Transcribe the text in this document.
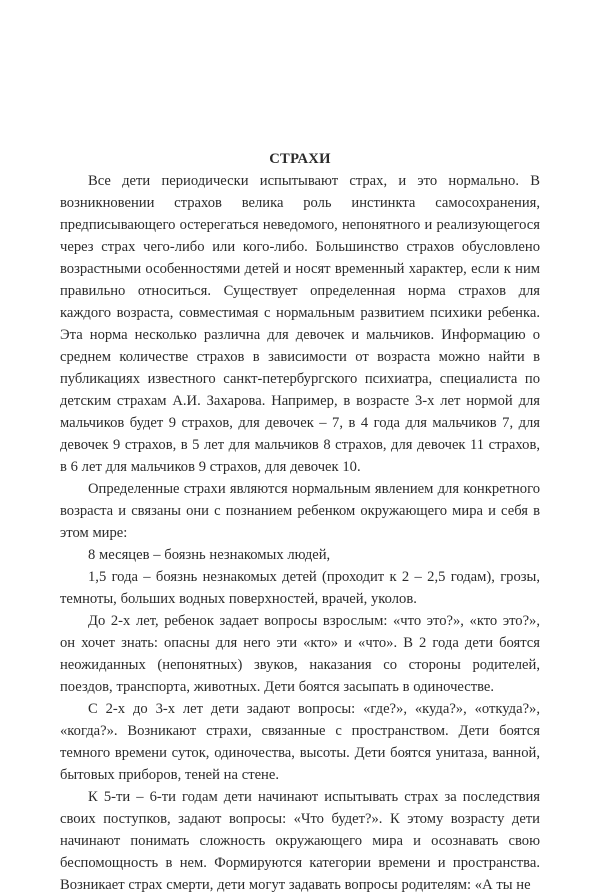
СТРАХИ

Все дети периодически испытывают страх, и это нормально. В возникновении страхов велика роль инстинкта самосохранения, предписывающего остерегаться неведомого, непонятного и реализующегося через страх чего-либо или кого-либо. Большинство страхов обусловлено возрастными особенностями детей и носят временный характер, если к ним правильно относиться. Существует определенная норма страхов для каждого возраста, совместимая с нормальным развитием психики ребенка. Эта норма несколько различна для девочек и мальчиков. Информацию о среднем количестве страхов в зависимости от возраста можно найти в публикациях известного санкт-петербургского психиатра, специалиста по детским страхам А.И. Захарова. Например, в возрасте 3-х лет нормой для мальчиков будет 9 страхов, для девочек – 7, в 4 года для мальчиков 7, для девочек 9 страхов, в 5 лет для мальчиков 8 страхов, для девочек 11 страхов, в 6 лет для мальчиков 9 страхов, для девочек 10.

Определенные страхи являются нормальным явлением для конкретного возраста и связаны они с познанием ребенком окружающего мира и себя в этом мире:

8 месяцев – боязнь незнакомых людей,

1,5 года – боязнь незнакомых детей (проходит к 2 – 2,5 годам), грозы, темноты, больших водных поверхностей, врачей, уколов.

До 2-х лет, ребенок задает вопросы взрослым: «что это?», «кто это?», он хочет знать: опасны для него эти «кто» и «что». В 2 года дети боятся неожиданных (непонятных) звуков, наказания со стороны родителей, поездов, транспорта, животных. Дети боятся засыпать в одиночестве.

С 2-х до 3-х лет дети задают вопросы: «где?», «куда?», «откуда?», «когда?». Возникают страхи, связанные с пространством. Дети боятся темного времени суток, одиночества, высоты. Дети боятся унитаза, ванной, бытовых приборов, теней на стене.

К 5-ти – 6-ти годам дети начинают испытывать страх за последствия своих поступков, задают вопросы: «Что будет?». К этому возрасту дети начинают понимать сложность окружающего мира и осознавать свою беспомощность в нем. Формируются категории времени и пространства. Возникает страх смерти, дети могут задавать вопросы родителям: «А ты не
